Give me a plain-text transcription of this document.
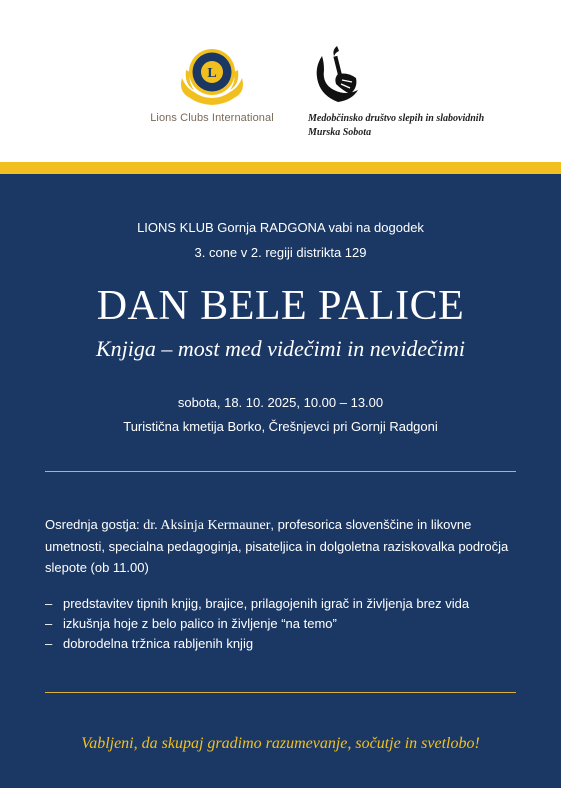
L
Lions Clubs International	Medobčinsko društvo slepih in slabovidnih
Murska Sobota
LIONS KLUB Gornja RADGONA vabi na dogodek
3. cone v 2. regiji distrikta 129
DAN BELE PALICE
Knjiga – most med videčimi in nevidečimi
sobota, 18. 10. 2025, 10.00 – 13.00
Turistična kmetija Borko, Črešnjevci pri Gornji Radgoni
Osrednja gostja: dr. Aksinja Kermauner, profesorica slovenščine in likovne umetnosti, specialna pedagoginja, pisateljica in dolgoletna raziskovalka področja slepote (ob 11.00)
– predstavitev tipnih knjig, brajice, prilagojenih igrač in življenja brez vida
– izkušnja hoje z belo palico in življenje “na temo”
– dobrodelna tržnica rabljenih knjig
Vabljeni, da skupaj gradimo razumevanje, sočutje in svetlobo!
